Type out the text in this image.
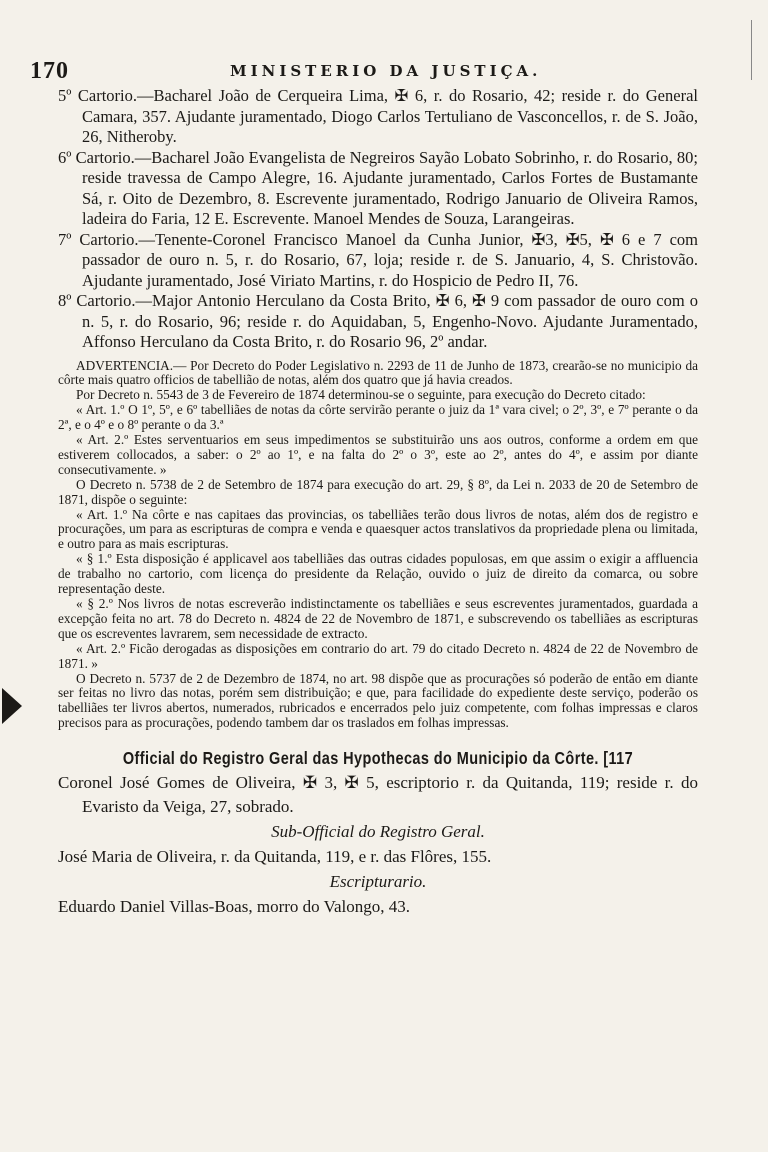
170	MINISTERIO DA JUSTIÇA.

5º Cartorio.—Bacharel João de Cerqueira Lima, ✠ 6, r. do Rosario, 42; reside r. do General Camara, 357. Ajudante juramentado, Diogo Carlos Tertuliano de Vasconcellos, r. de S. João, 26, Nitheroby.

6º Cartorio.—Bacharel João Evangelista de Negreiros Sayão Lobato Sobrinho, r. do Rosario, 80; reside travessa de Campo Alegre, 16. Ajudante juramentado, Carlos Fortes de Bustamante Sá, r. Oito de Dezembro, 8. Escrevente juramentado, Rodrigo Januario de Oliveira Ramos, ladeira do Faria, 12 E. Escrevente. Manoel Mendes de Souza, Larangeiras.

7º Cartorio.—Tenente-Coronel Francisco Manoel da Cunha Junior, ✠3, ✠5, ✠ 6 e 7 com passador de ouro n. 5, r. do Rosario, 67, loja; reside r. de S. Januario, 4, S. Christovão. Ajudante juramentado, José Viriato Martins, r. do Hospicio de Pedro II, 76.

8º Cartorio.—Major Antonio Herculano da Costa Brito, ✠ 6, ✠ 9 com passador de ouro com o n. 5, r. do Rosario, 96; reside r. do Aquidaban, 5, Engenho-Novo. Ajudante Juramentado, Affonso Herculano da Costa Brito, r. do Rosario 96, 2º andar.

ADVERTENCIA.— Por Decreto do Poder Legislativo n. 2293 de 11 de Junho de 1873, crearão-se no municipio da côrte mais quatro officios de tabellião de notas, além dos quatro que já havia creados.

Por Decreto n. 5543 de 3 de Fevereiro de 1874 determinou-se o seguinte, para execução do Decreto citado:

« Art. 1.º O 1º, 5º, e 6º tabelliães de notas da côrte servirão perante o juiz da 1ª vara civel; o 2º, 3º, e 7º perante o da 2ª, e o 4º e o 8º perante o da 3.ª

« Art. 2.º Estes serventuarios em seus impedimentos se substituirão uns aos outros, conforme a ordem em que estiverem collocados, a saber: o 2º ao 1º, e na falta do 2º o 3º, este ao 2º, antes do 4º, e assim por diante consecutivamente. »

O Decreto n. 5738 de 2 de Setembro de 1874 para execução do art. 29, § 8º, da Lei n. 2033 de 20 de Setembro de 1871, dispõe o seguinte:

« Art. 1.º Na côrte e nas capitaes das provincias, os tabelliães terão dous livros de notas, além dos de registro e procurações, um para as escripturas de compra e venda e quaesquer actos translativos da propriedade plena ou limitada, e outro para as mais escripturas.

« § 1.º Esta disposição é applicavel aos tabelliães das outras cidades populosas, em que assim o exigir a affluencia de trabalho no cartorio, com licença do presidente da Relação, ouvido o juiz de direito da comarca, ou sobre representação deste.

« § 2.º Nos livros de notas escreverão indistinctamente os tabelliães e seus escreventes juramentados, guardada a excepção feita no art. 78 do Decreto n. 4824 de 22 de Novembro de 1871, e subscrevendo os tabelliães as escripturas que os escreventes lavrarem, sem necessidade de extracto.

« Art. 2.º Ficão derogadas as disposições em contrario do art. 79 do citado Decreto n. 4824 de 22 de Novembro de 1871. »

O Decreto n. 5737 de 2 de Dezembro de 1874, no art. 98 dispõe que as procurações só poderão de então em diante ser feitas no livro das notas, porém sem distribuição; e que, para facilidade do expediente deste serviço, poderão os tabelliães ter livros abertos, numerados, rubricados e encerrados pelo juiz competente, com folhas impressas e claros precisos para as procurações, podendo tambem dar os traslados em folhas impressas.

Official do Registro Geral das Hypothecas do Municipio da Côrte. [117

Coronel José Gomes de Oliveira, ✠ 3, ✠ 5, escriptorio r. da Quitanda, 119; reside r. do Evaristo da Veiga, 27, sobrado.

Sub-Official do Registro Geral.

José Maria de Oliveira, r. da Quitanda, 119, e r. das Flôres, 155.

Escripturario.

Eduardo Daniel Villas-Boas, morro do Valongo, 43.
